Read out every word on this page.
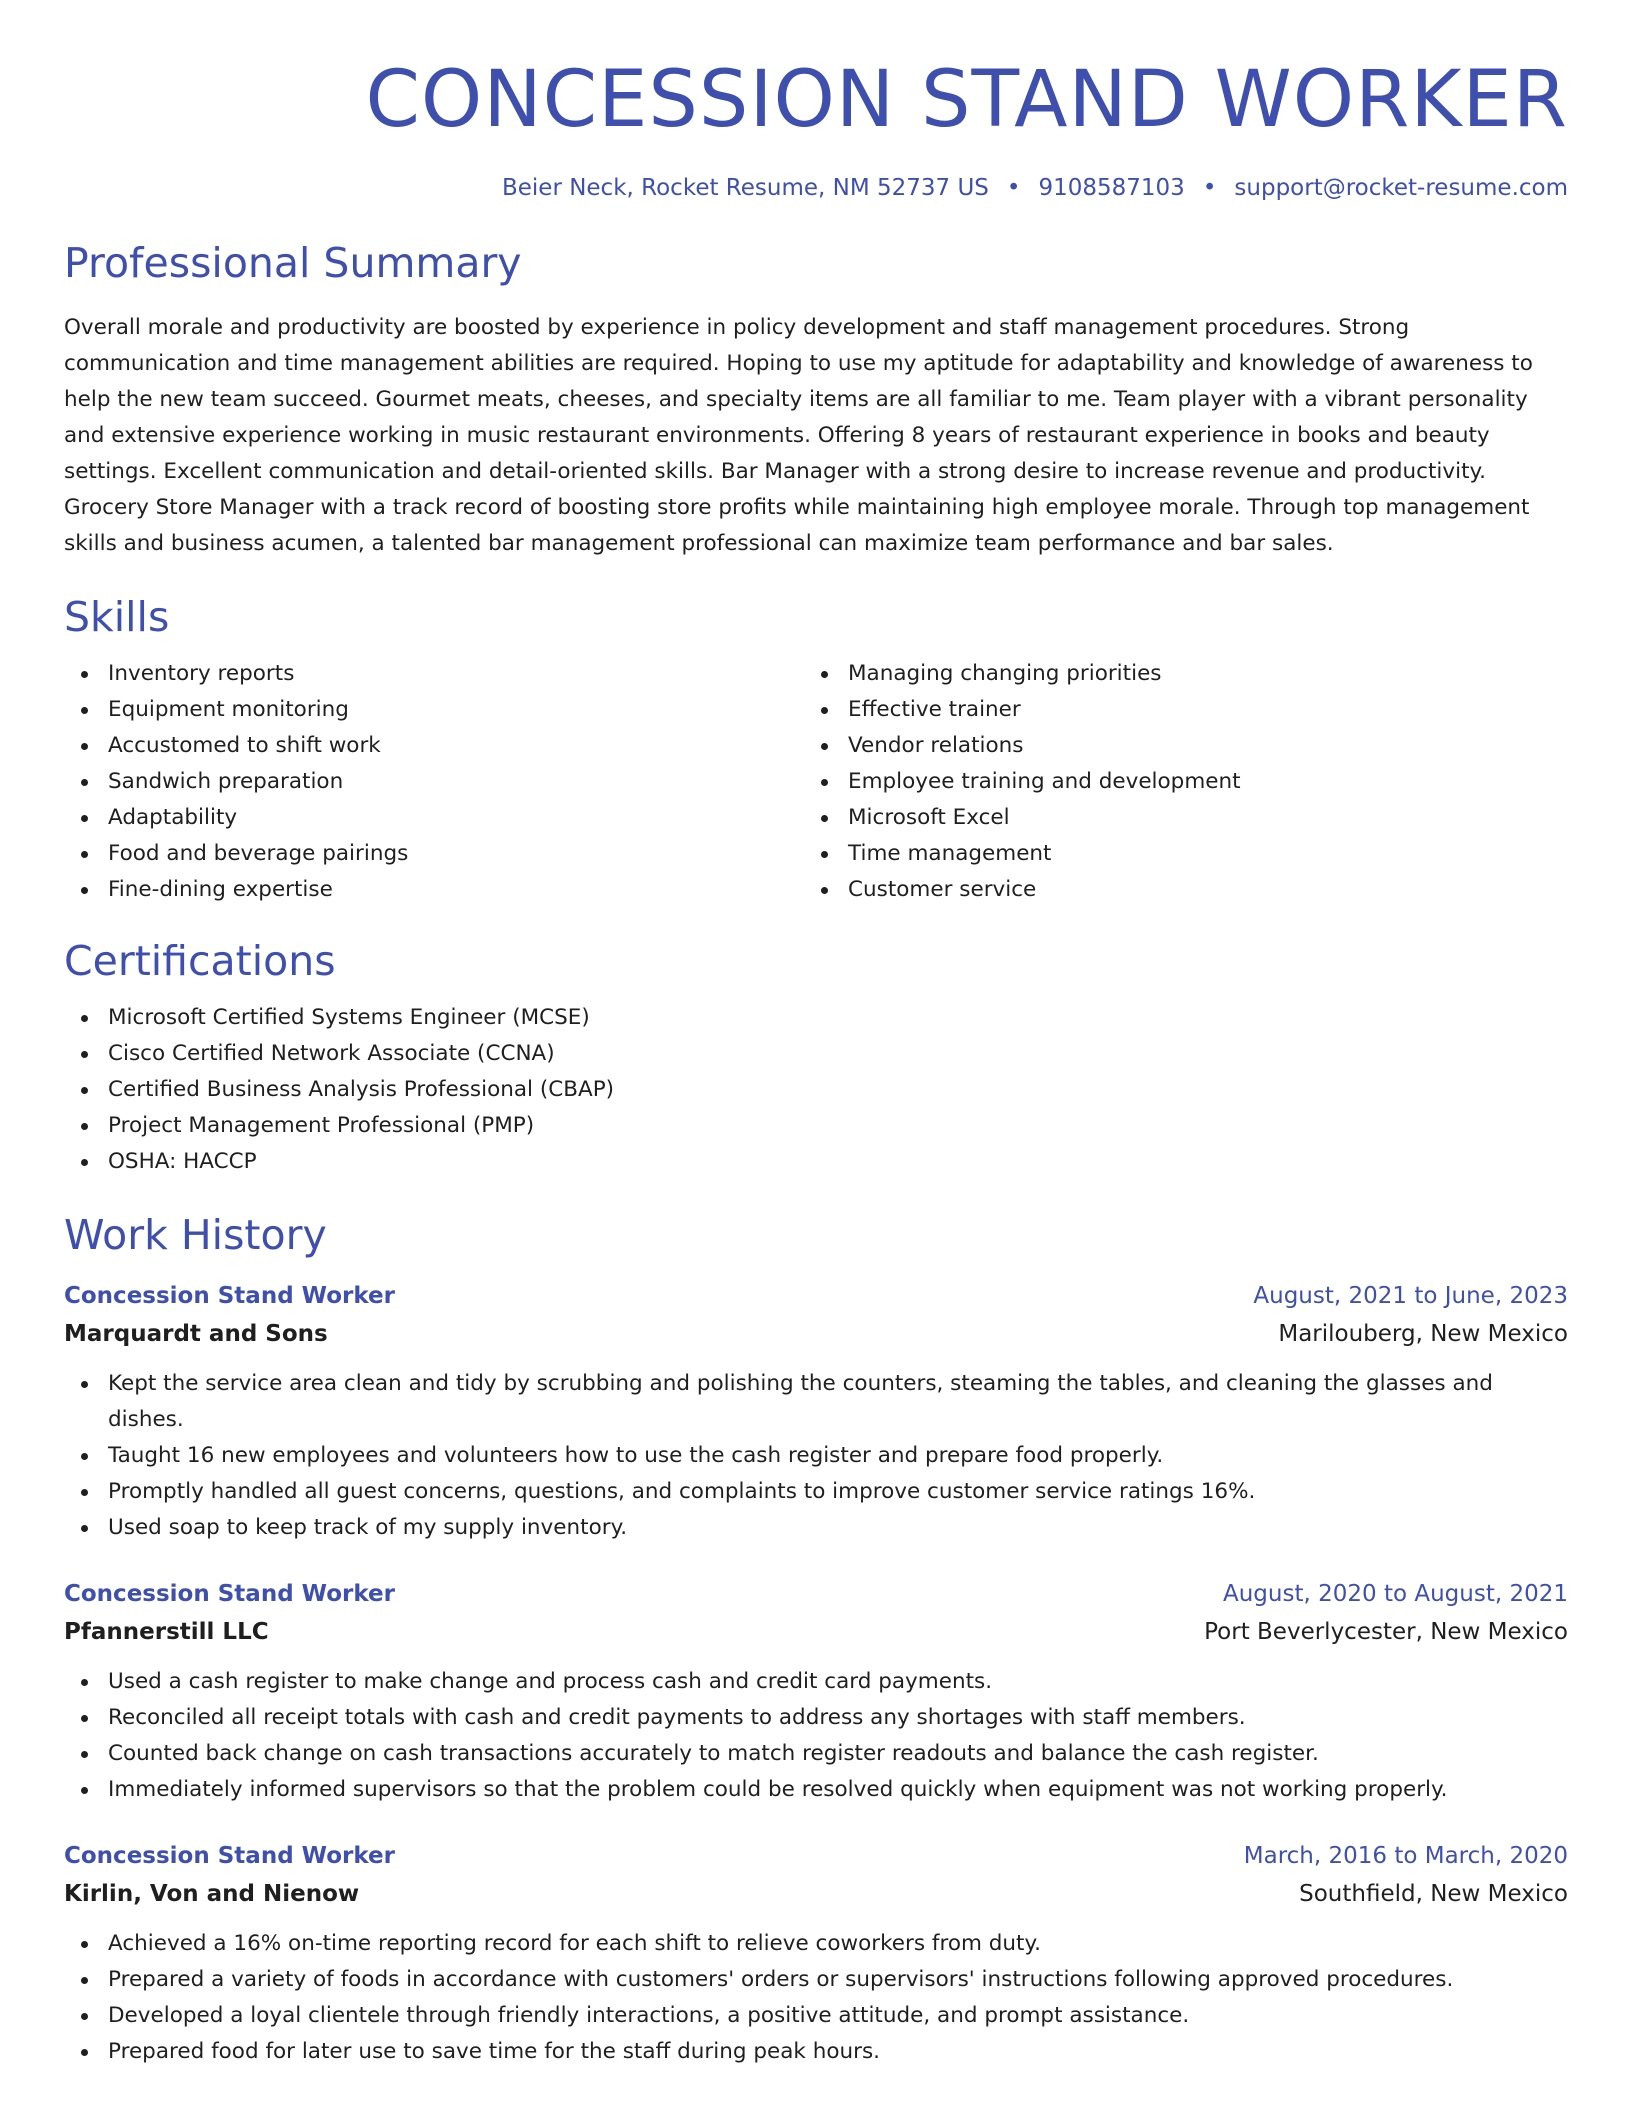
CONCESSION STAND WORKER
Beier Neck, Rocket Resume, NM 52737 US • 9108587103 • support@rocket-resume.com
Professional Summary

Overall morale and productivity are boosted by experience in policy development and staff management procedures. Strong communication and time management abilities are required. Hoping to use my aptitude for adaptability and knowledge of awareness to help the new team succeed. Gourmet meats, cheeses, and specialty items are all familiar to me. Team player with a vibrant personality and extensive experience working in music restaurant environments. Offering 8 years of restaurant experience in books and beauty settings. Excellent communication and detail-oriented skills. Bar Manager with a strong desire to increase revenue and productivity. Grocery Store Manager with a track record of boosting store profits while maintaining high employee morale. Through top management skills and business acumen, a talented bar management professional can maximize team performance and bar sales.

Skills
Inventory reports
Equipment monitoring
Accustomed to shift work
Sandwich preparation
Adaptability
Food and beverage pairings
Fine-dining expertise
Managing changing priorities
Effective trainer
Vendor relations
Employee training and development
Microsoft Excel
Time management
Customer service
Certifications
Microsoft Certified Systems Engineer (MCSE)
Cisco Certified Network Associate (CCNA)
Certified Business Analysis Professional (CBAP)
Project Management Professional (PMP)
OSHA: HACCP
Work History
Concession Stand Worker	August, 2021 to June, 2023
Marquardt and Sons	Marilouberg, New Mexico
Kept the service area clean and tidy by scrubbing and polishing the counters, steaming the tables, and cleaning the glasses and dishes.
Taught 16 new employees and volunteers how to use the cash register and prepare food properly.
Promptly handled all guest concerns, questions, and complaints to improve customer service ratings 16%.
Used soap to keep track of my supply inventory.
Concession Stand Worker	August, 2020 to August, 2021
Pfannerstill LLC	Port Beverlycester, New Mexico
Used a cash register to make change and process cash and credit card payments.
Reconciled all receipt totals with cash and credit payments to address any shortages with staff members.
Counted back change on cash transactions accurately to match register readouts and balance the cash register.
Immediately informed supervisors so that the problem could be resolved quickly when equipment was not working properly.
Concession Stand Worker	March, 2016 to March, 2020
Kirlin, Von and Nienow	Southfield, New Mexico
Achieved a 16% on-time reporting record for each shift to relieve coworkers from duty.
Prepared a variety of foods in accordance with customers' orders or supervisors' instructions following approved procedures.
Developed a loyal clientele through friendly interactions, a positive attitude, and prompt assistance.
Prepared food for later use to save time for the staff during peak hours.
